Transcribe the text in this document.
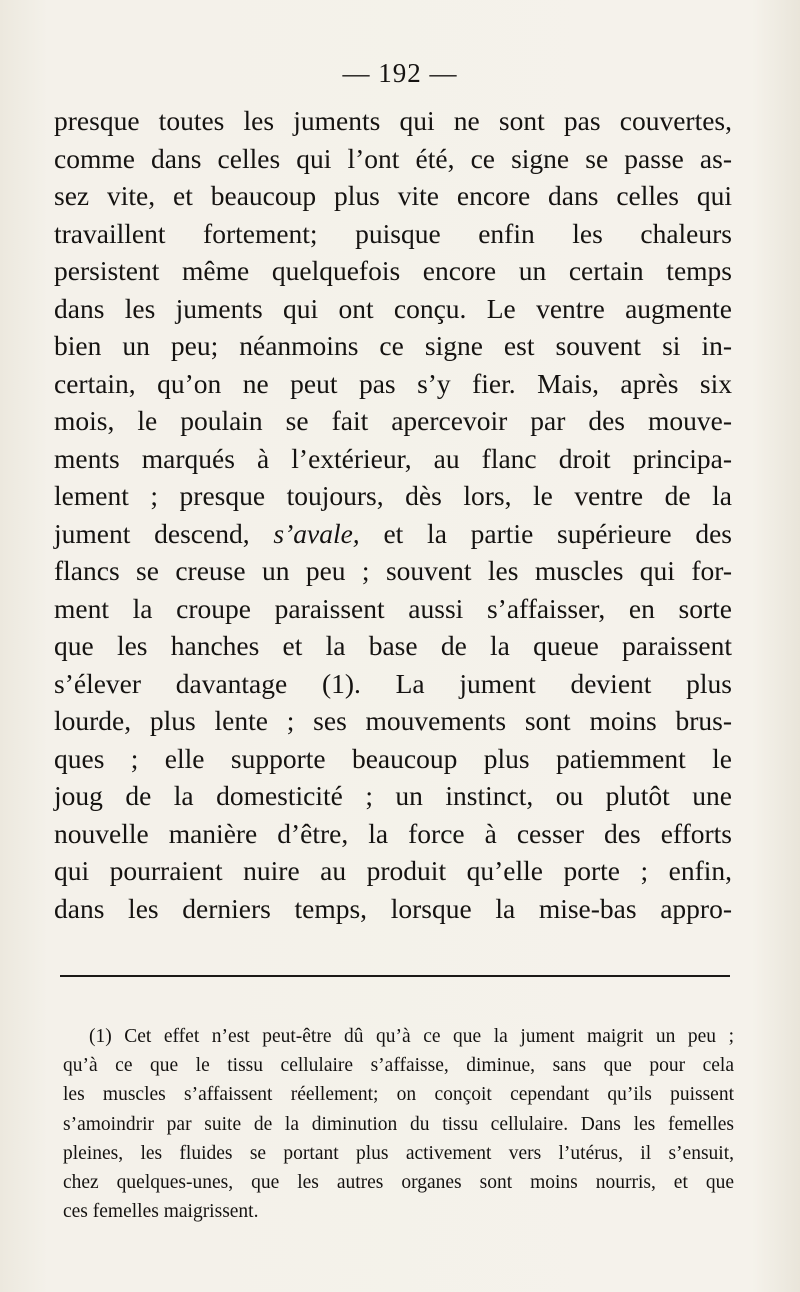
— 192 —
presque toutes les juments qui ne sont pas couvertes,
comme dans celles qui l’ont été, ce signe se passe as-
sez vite, et beaucoup plus vite encore dans celles qui
travaillent fortement; puisque enfin les chaleurs
persistent même quelquefois encore un certain temps
dans les juments qui ont conçu. Le ventre augmente
bien un peu; néanmoins ce signe est souvent si in-
certain, qu’on ne peut pas s’y fier. Mais, après six
mois, le poulain se fait apercevoir par des mouve-
ments marqués à l’extérieur, au flanc droit principa-
lement ; presque toujours, dès lors, le ventre de la
jument descend, s’avale, et la partie supérieure des
flancs se creuse un peu ; souvent les muscles qui for-
ment la croupe paraissent aussi s’affaisser, en sorte
que les hanches et la base de la queue paraissent
s’élever davantage (1). La jument devient plus
lourde, plus lente ; ses mouvements sont moins brus-
ques ; elle supporte beaucoup plus patiemment le
joug de la domesticité ; un instinct, ou plutôt une
nouvelle manière d’être, la force à cesser des efforts
qui pourraient nuire au produit qu’elle porte ; enfin,
dans les derniers temps, lorsque la mise-bas appro-
(1) Cet effet n’est peut-être dû qu’à ce que la jument maigrit un peu ;
qu’à ce que le tissu cellulaire s’affaisse, diminue, sans que pour cela
les muscles s’affaissent réellement; on conçoit cependant qu’ils puissent
s’amoindrir par suite de la diminution du tissu cellulaire. Dans les femelles
pleines, les fluides se portant plus activement vers l’utérus, il s’ensuit,
chez quelques-unes, que les autres organes sont moins nourris, et que
ces femelles maigrissent.
